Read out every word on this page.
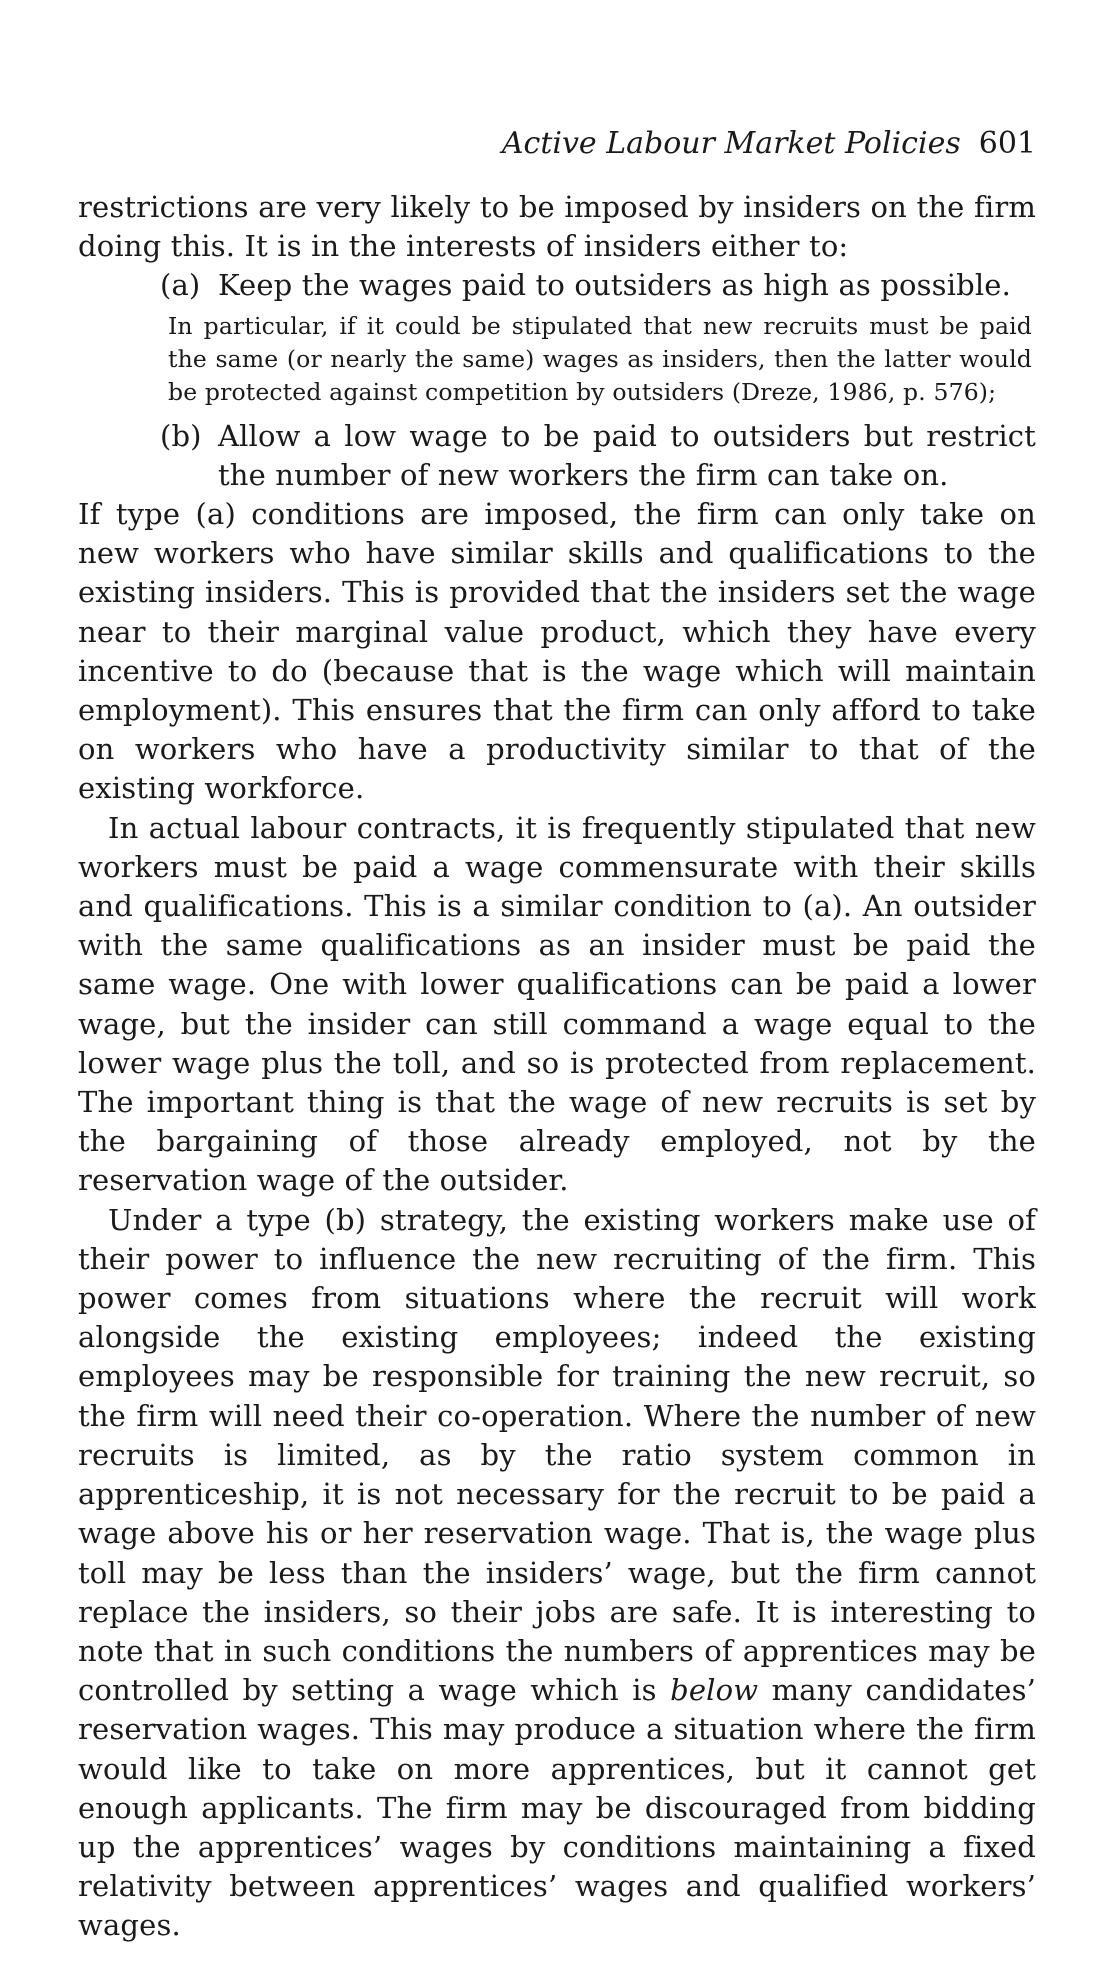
Active Labour Market Policies 601

restrictions are very likely to be imposed by insiders on the firm doing this. It is in the interests of insiders either to:

(a) Keep the wages paid to outsiders as high as possible.

In particular, if it could be stipulated that new recruits must be paid the same (or nearly the same) wages as insiders, then the latter would be protected against competition by outsiders (Dreze, 1986, p. 576);

(b) Allow a low wage to be paid to outsiders but restrict the number of new workers the firm can take on.

If type (a) conditions are imposed, the firm can only take on new workers who have similar skills and qualifications to the existing insiders. This is provided that the insiders set the wage near to their marginal value product, which they have every incentive to do (because that is the wage which will maintain employment). This ensures that the firm can only afford to take on workers who have a productivity similar to that of the existing workforce.

In actual labour contracts, it is frequently stipulated that new workers must be paid a wage commensurate with their skills and qualifications. This is a similar condition to (a). An outsider with the same qualifications as an insider must be paid the same wage. One with lower qualifications can be paid a lower wage, but the insider can still command a wage equal to the lower wage plus the toll, and so is protected from replacement. The important thing is that the wage of new recruits is set by the bargaining of those already employed, not by the reservation wage of the outsider.

Under a type (b) strategy, the existing workers make use of their power to influence the new recruiting of the firm. This power comes from situations where the recruit will work alongside the existing employees; indeed the existing employees may be responsible for training the new recruit, so the firm will need their co-operation. Where the number of new recruits is limited, as by the ratio system common in apprenticeship, it is not necessary for the recruit to be paid a wage above his or her reservation wage. That is, the wage plus toll may be less than the insiders’ wage, but the firm cannot replace the insiders, so their jobs are safe. It is interesting to note that in such conditions the numbers of apprentices may be controlled by setting a wage which is below many candidates’ reservation wages. This may produce a situation where the firm would like to take on more apprentices, but it cannot get enough applicants. The firm may be discouraged from bidding up the apprentices’ wages by conditions maintaining a fixed relativity between apprentices’ wages and qualified workers’ wages.
